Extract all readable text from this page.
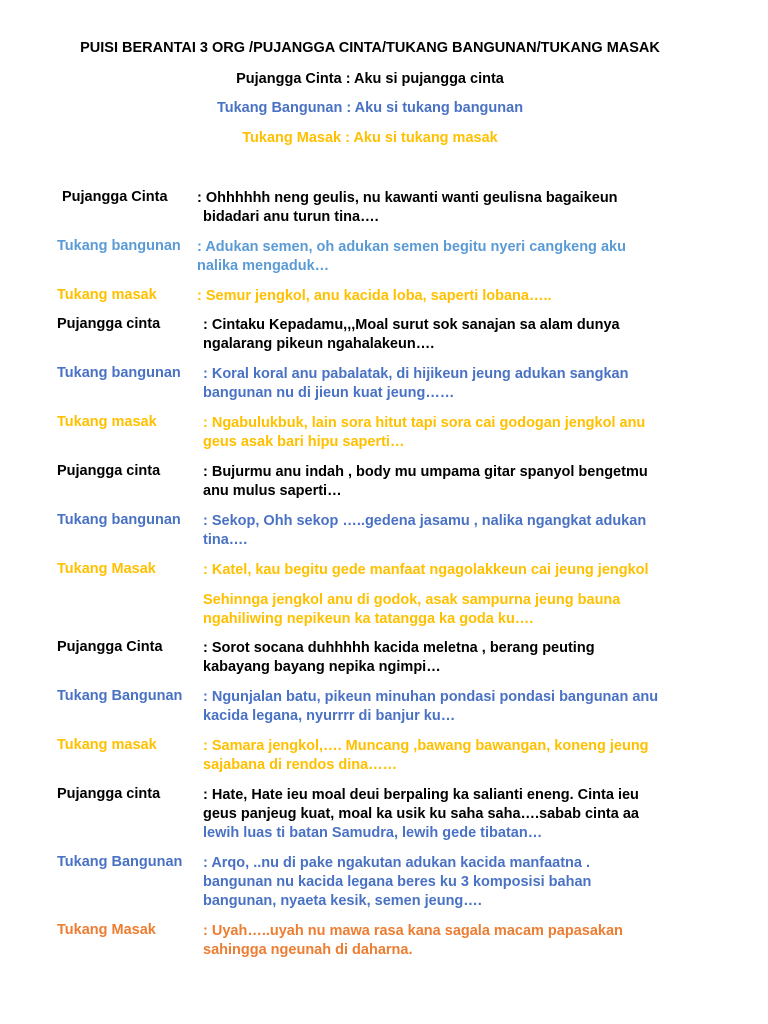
PUISI BERANTAI 3 ORG /PUJANGGA CINTA/TUKANG BANGUNAN/TUKANG MASAK
Pujangga Cinta : Aku si pujangga cinta
Tukang Bangunan : Aku si tukang bangunan
Tukang Masak : Aku si tukang masak
Pujangga Cinta : Ohhhhhh neng geulis, nu kawanti wanti geulisna bagaikeun
bidadari anu turun tina….
Tukang bangunan : Adukan semen, oh adukan semen begitu nyeri cangkeng aku
nalika mengaduk…
Tukang masak	: Semur jengkol, anu kacida loba, saperti lobana…..
Pujangga cinta	: Cintaku Kepadamu,,,Moal surut sok sanajan sa alam dunya
ngalarang pikeun ngahalakeun….
Tukang bangunan : Koral koral anu pabalatak, di hijikeun jeung adukan sangkan
bangunan nu di jieun kuat jeung……
Tukang masak	: Ngabulukbuk, lain sora hitut tapi sora cai godogan jengkol anu
geus asak bari hipu saperti…
Pujangga cinta	: Bujurmu anu indah , body mu umpama gitar spanyol bengetmu
anu mulus saperti…
Tukang bangunan : Sekop, Ohh sekop …..gedena jasamu , nalika ngangkat adukan
tina….
Tukang Masak	: Katel, kau begitu gede manfaat ngagolakkeun cai jeung jengkol
Sehinnga jengkol anu di godok, asak sampurna jeung bauna
ngahiliwing nepikeun ka tatangga ka goda ku….
Pujangga Cinta	: Sorot socana duhhhhh kacida meletna , berang peuting
kabayang bayang nepika ngimpi…
Tukang Bangunan : Ngunjalan batu, pikeun minuhan pondasi pondasi bangunan anu
kacida legana, nyurrrr di banjur ku…
Tukang masak	: Samara jengkol,…. Muncang ,bawang bawangan, koneng jeung
sajabana di rendos dina……
Pujangga cinta	: Hate, Hate ieu moal deui berpaling ka salianti eneng. Cinta ieu
geus panjeug kuat, moal ka usik ku saha saha….sabab cinta aa
lewih luas ti batan Samudra, lewih gede tibatan…
Tukang Bangunan : Arqo, ..nu di pake ngakutan adukan kacida manfaatna .
bangunan nu kacida legana beres ku 3 komposisi bahan
bangunan, nyaeta kesik, semen jeung….
Tukang Masak	: Uyah…..uyah nu mawa rasa kana sagala macam papasakan
sahingga ngeunah di daharna.
